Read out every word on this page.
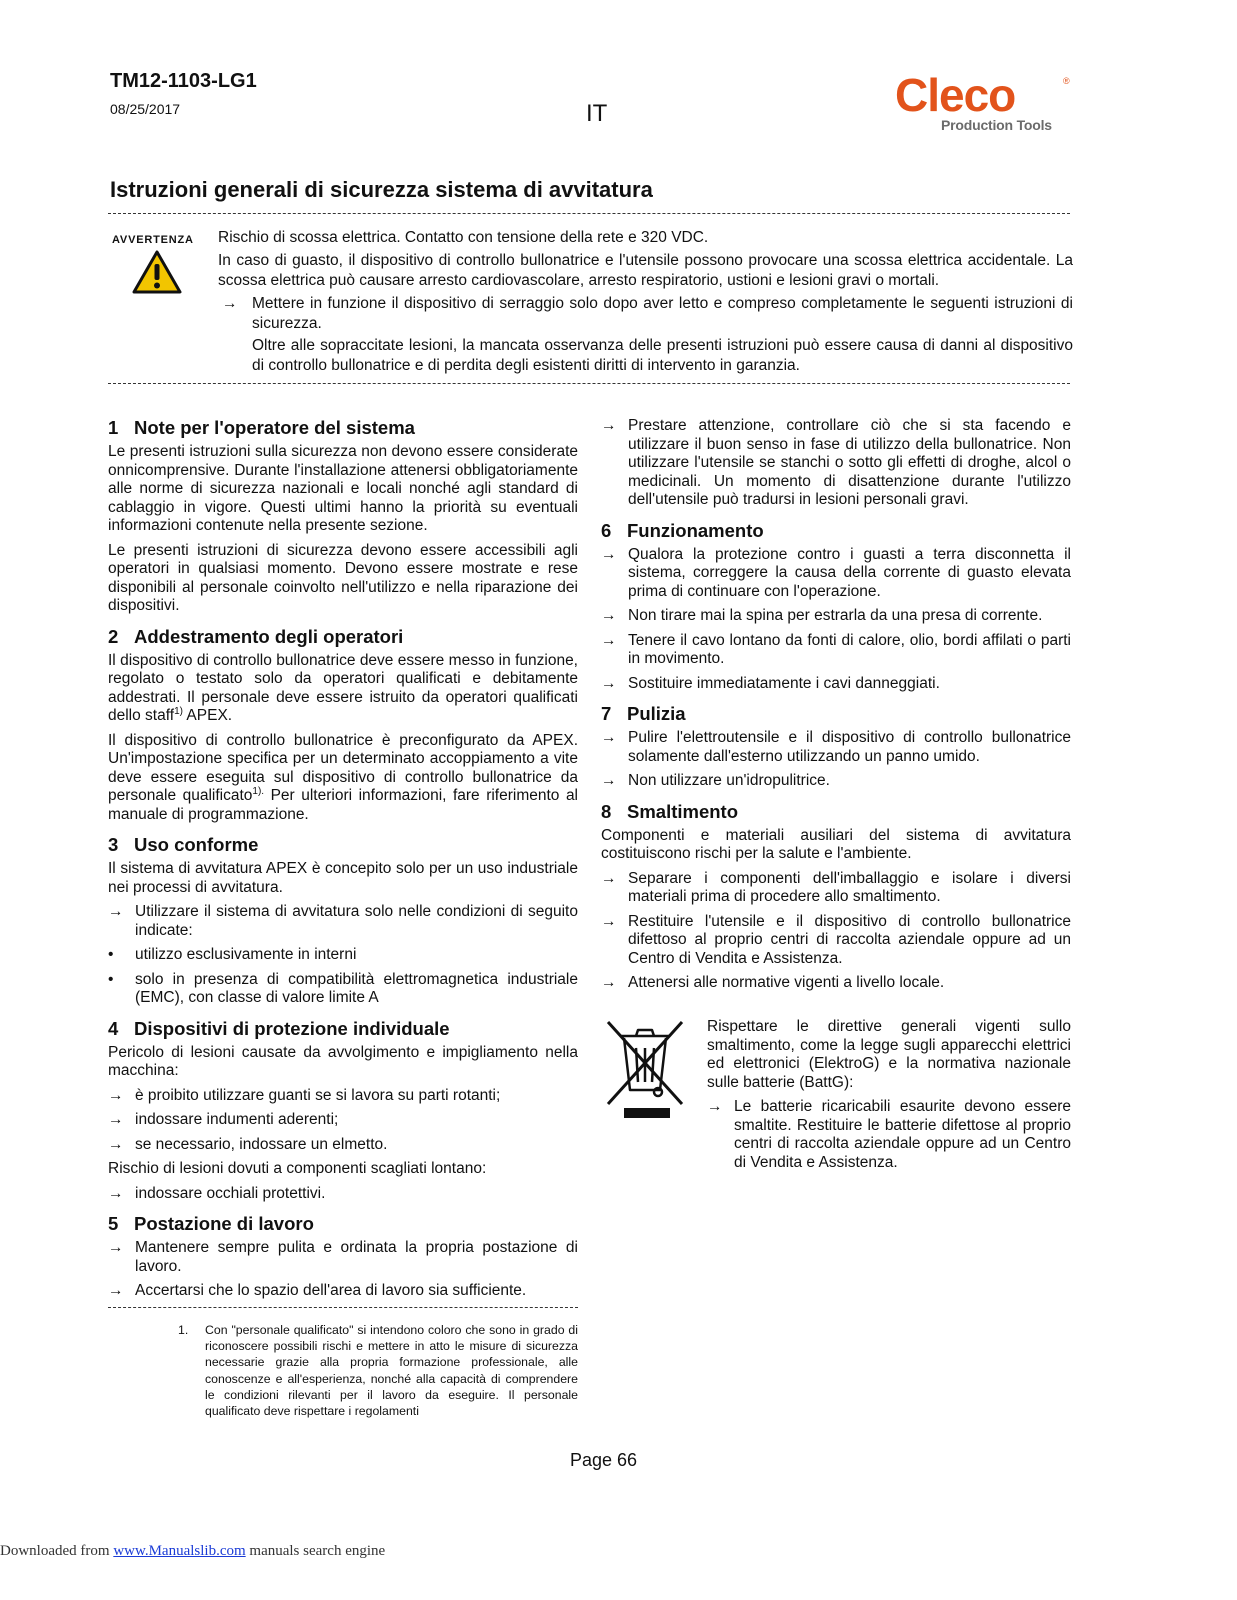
TM12-1103-LG1
08/25/2017	IT	Cleco	®
Production Tools
Istruzioni generali di sicurezza sistema di avvitatura
AVVERTENZA Rischio di scossa elettrica. Contatto con tensione della rete e 320 VDC.

In caso di guasto, il dispositivo di controllo bullonatrice e l'utensile possono provocare una scossa elettrica accidentale. La scossa elettrica può causare arresto cardiovascolare, arresto respiratorio, ustioni e lesioni gravi o mortali.

→ Mettere in funzione il dispositivo di serraggio solo dopo aver letto e compreso completamente le seguenti istruzioni di sicurezza.

Oltre alle sopraccitate lesioni, la mancata osservanza delle presenti istruzioni può essere causa di danni al dispositivo di controllo bullonatrice e di perdita degli esistenti diritti di intervento in garanzia.

1 Note per l'operatore del sistema

Le presenti istruzioni sulla sicurezza non devono essere considerate onnicomprensive. Durante l'installazione attenersi obbligatoriamente alle norme di sicurezza nazionali e locali nonché agli standard di cablaggio in vigore. Questi ultimi hanno la priorità su eventuali informazioni contenute nella presente sezione.

Le presenti istruzioni di sicurezza devono essere accessibili agli operatori in qualsiasi momento. Devono essere mostrate e rese disponibili al personale coinvolto nell'utilizzo e nella riparazione dei dispositivi.

2 Addestramento degli operatori

Il dispositivo di controllo bullonatrice deve essere messo in funzione, regolato o testato solo da operatori qualificati e debitamente addestrati. Il personale deve essere istruito da operatori qualificati dello staff$^{1)}$ APEX.

Il dispositivo di controllo bullonatrice è preconfigurato da APEX. Un'impostazione specifica per un determinato accoppiamento a vite deve essere eseguita sul dispositivo di controllo bullonatrice da personale qualificato$^{1).}$ Per ulteriori informazioni, fare riferimento al manuale di programmazione.

3 Uso conforme

Il sistema di avvitatura APEX è concepito solo per un uso industriale nei processi di avvitatura.

→ Utilizzare il sistema di avvitatura solo nelle condizioni di seguito indicate:
• utilizzo esclusivamente in interni
• solo in presenza di compatibilità elettromagnetica industriale (EMC), con classe di valore limite A
4 Dispositivi di protezione individuale

Pericolo di lesioni causate da avvolgimento e impigliamento nella macchina:

→ è proibito utilizzare guanti se si lavora su parti rotanti;
→ indossare indumenti aderenti;
→ se necessario, indossare un elmetto.

Rischio di lesioni dovuti a componenti scagliati lontano:

→ indossare occhiali protettivi.
5 Postazione di lavoro
→ Mantenere sempre pulita e ordinata la propria postazione di lavoro.
→ Accertarsi che lo spazio dell'area di lavoro sia sufficiente.
1.	Con "personale qualificato" si intendono coloro che sono in grado di riconoscere possibili rischi e mettere in atto le misure di sicurezza necessarie grazie alla propria formazione professionale, alle conoscenze e all'esperienza, nonché alla capacità di comprendere le condizioni rilevanti per il lavoro da eseguire. Il personale qualificato deve rispettare i regolamenti
→ Prestare attenzione, controllare ciò che si sta facendo e utilizzare il buon senso in fase di utilizzo della bullonatrice. Non utilizzare l'utensile se stanchi o sotto gli effetti di droghe, alcol o medicinali. Un momento di disattenzione durante l'utilizzo dell'utensile può tradursi in lesioni personali gravi.
6 Funzionamento
→ Qualora la protezione contro i guasti a terra disconnetta il sistema, correggere la causa della corrente di guasto elevata prima di continuare con l'operazione.
→ Non tirare mai la spina per estrarla da una presa di corrente.
→ Tenere il cavo lontano da fonti di calore, olio, bordi affilati o parti in movimento.
→ Sostituire immediatamente i cavi danneggiati.
7 Pulizia
→ Pulire l'elettroutensile e il dispositivo di controllo bullonatrice solamente dall'esterno utilizzando un panno umido.
→ Non utilizzare un'idropulitrice.
8 Smaltimento

Componenti e materiali ausiliari del sistema di avvitatura costituiscono rischi per la salute e l'ambiente.

→ Separare i componenti dell'imballaggio e isolare i diversi materiali prima di procedere allo smaltimento.
→ Restituire l'utensile e il dispositivo di controllo bullonatrice difettoso al proprio centri di raccolta aziendale oppure ad un Centro di Vendita e Assistenza.
→ Attenersi alle normative vigenti a livello locale.

Rispettare le direttive generali vigenti sullo smaltimento, come la legge sugli apparecchi elettrici ed elettronici (ElektroG) e la normativa nazionale sulle batterie (BattG):

→ Le batterie ricaricabili esaurite devono essere smaltite. Restituire le batterie difettose al proprio centri di raccolta aziendale oppure ad un Centro di Vendita e Assistenza.
Page 66
Downloaded from www.Manualslib.com manuals search engine
